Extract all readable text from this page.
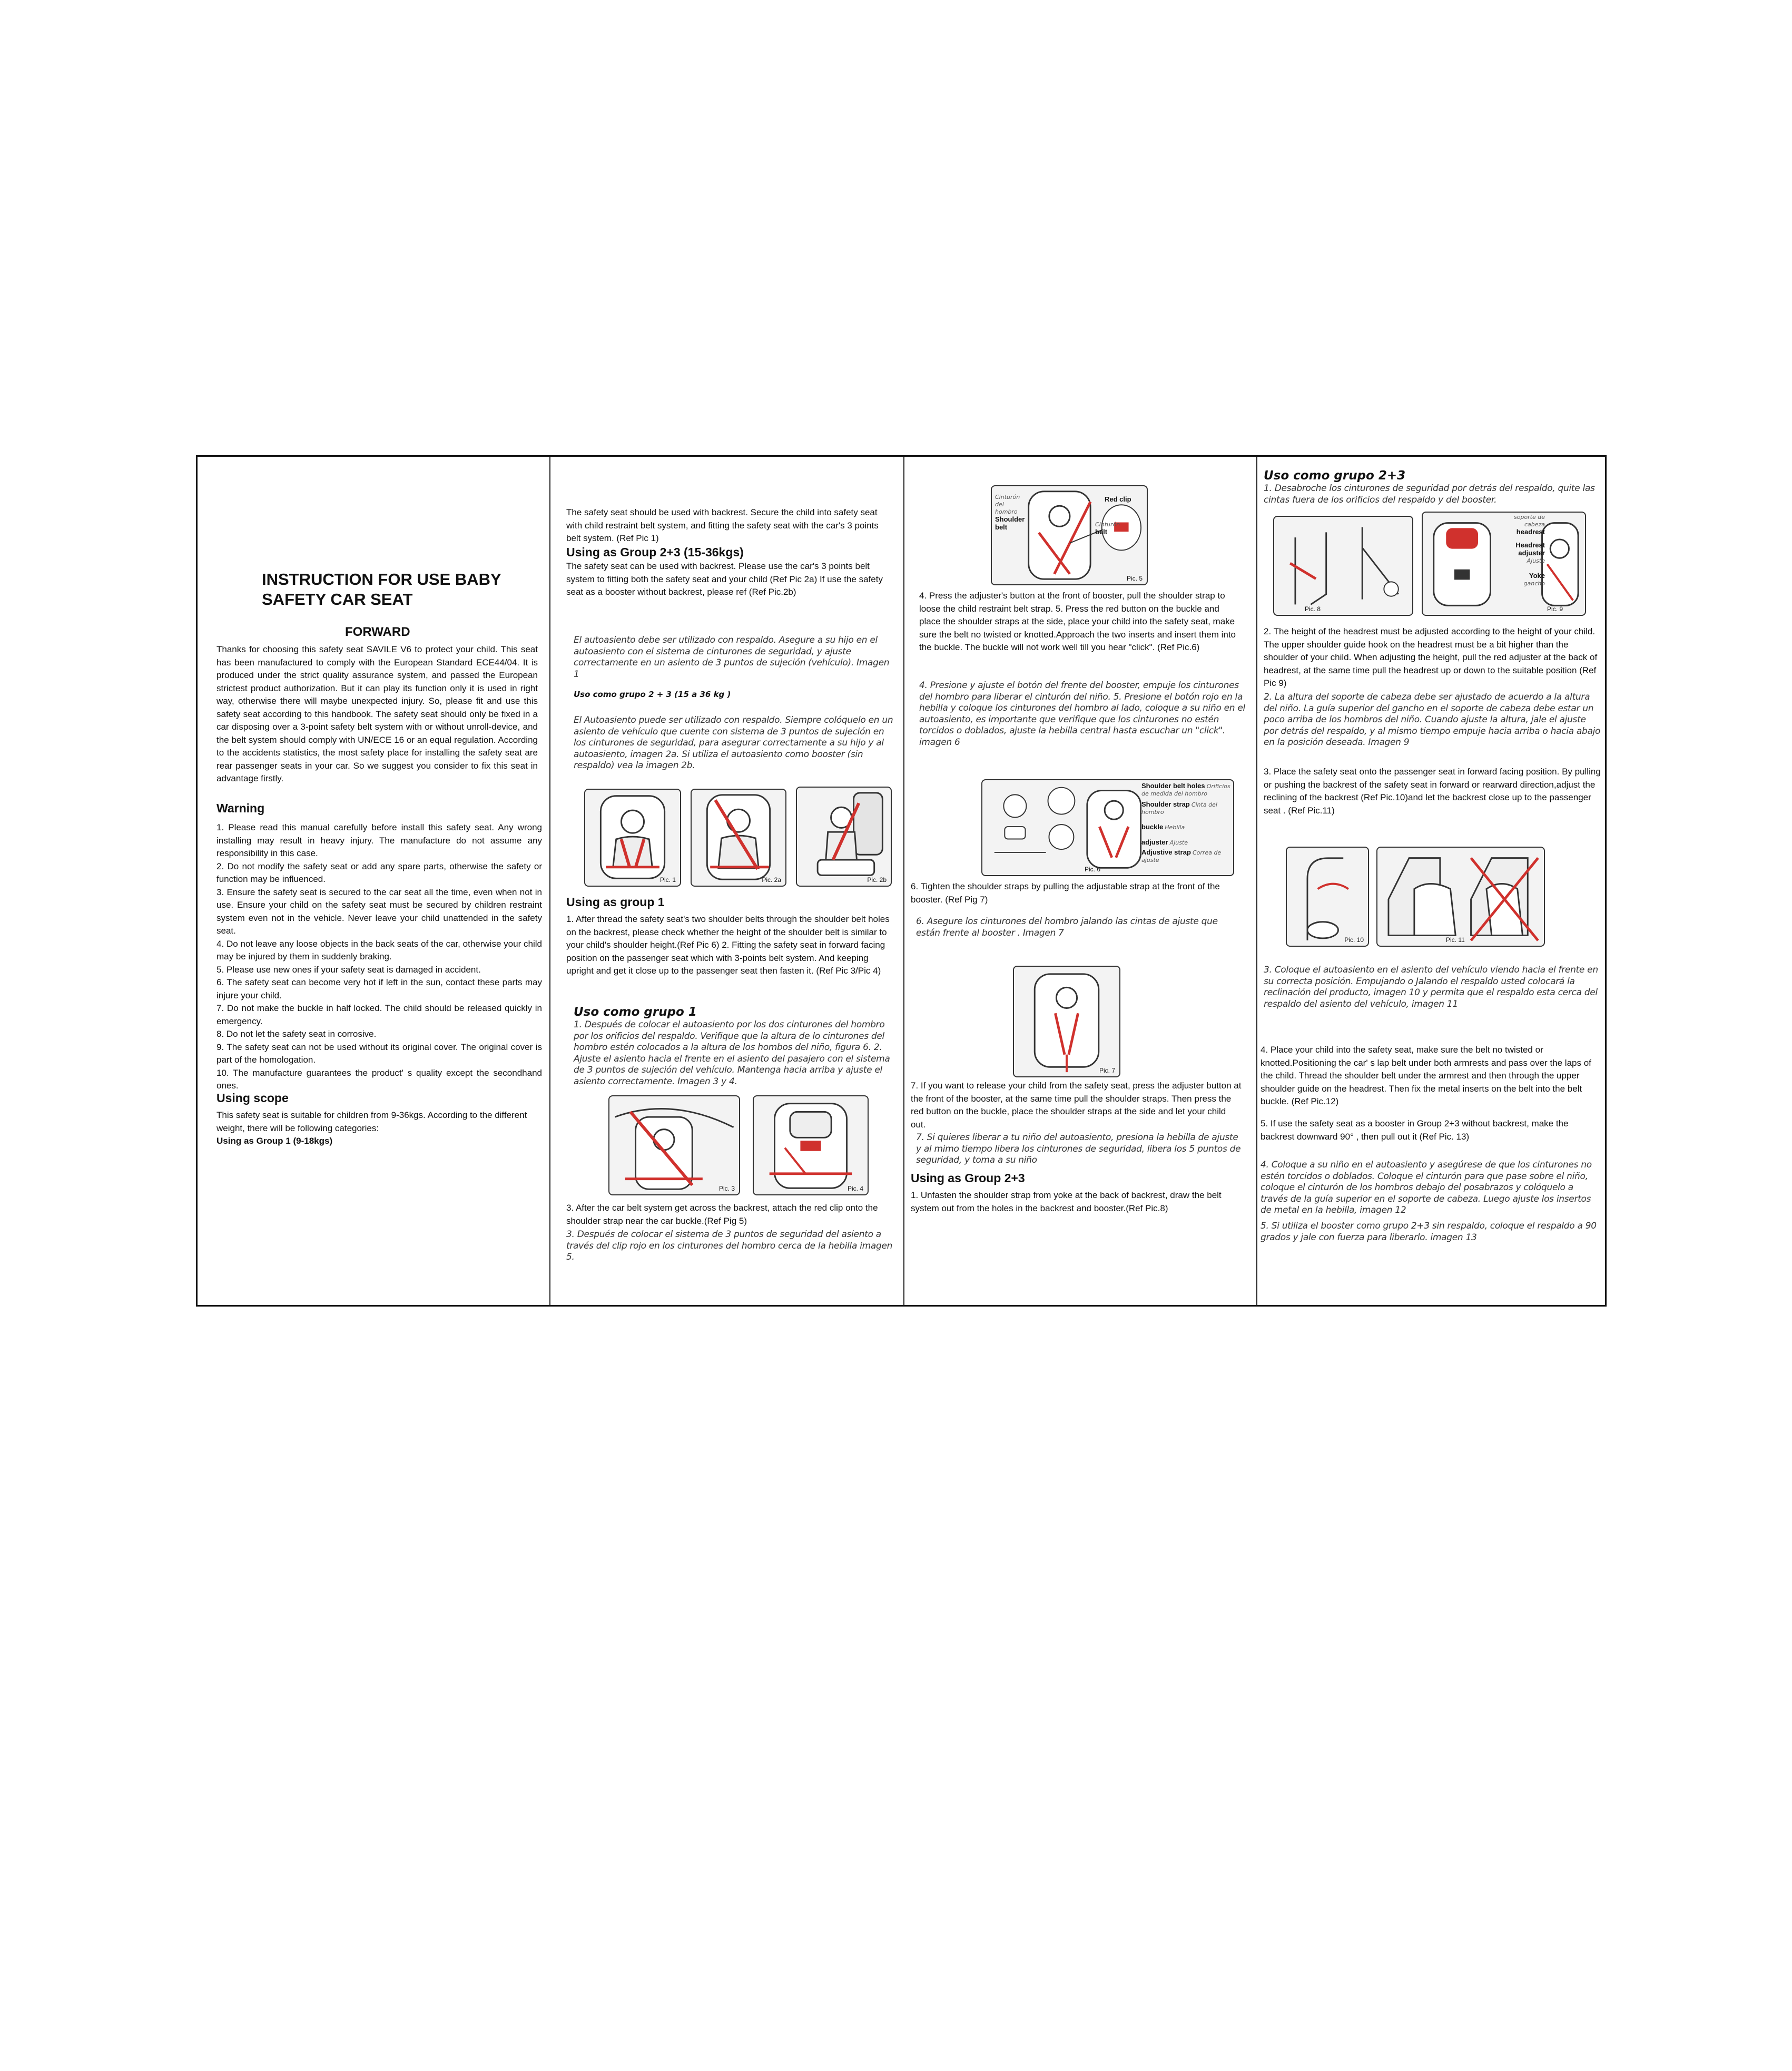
INSTRUCTION FOR USE BABY
SAFETY CAR SEAT
FORWARD

Thanks for choosing this safety seat SAVILE V6 to protect your child. This seat has been manufactured to comply with the European Standard ECE44/04. It is produced under the strict quality assurance system, and passed the European strictest product authorization. But it can play its function only it is used in right way, otherwise there will maybe unexpected injury. So, please fit and use this safety seat according to this handbook. The safety seat should only be fixed in a car disposing over a 3-point safety belt system with or without unroll-device, and the belt system should comply with UN/ECE 16 or an equal regulation. According to the accidents statistics, the most safety place for installing the safety seat are rear passenger seats in your car. So we suggest you consider to fix this seat in advantage firstly.

Warning

1. Please read this manual carefully before install this safety seat. Any wrong installing may result in heavy injury. The manufacture do not assume any responsibility in this case.

2. Do not modify the safety seat or add any spare parts, otherwise the safety or function may be influenced.

3. Ensure the safety seat is secured to the car seat all the time, even when not in use. Ensure your child on the safety seat must be secured by children restraint system even not in the vehicle. Never leave your child unattended in the safety seat.

4. Do not leave any loose objects in the back seats of the car, otherwise your child may be injured by them in suddenly braking.

5. Please use new ones if your safety seat is damaged in accident.

6. The safety seat can become very hot if left in the sun, contact these parts may injure your child.

7. Do not make the buckle in half locked. The child should be released quickly in emergency.

8. Do not let the safety seat in corrosive.

9. The safety seat can not be used without its original cover. The original cover is part of the homologation.

10. The manufacture guarantees the product' s quality except the secondhand ones.

Using scope

This safety seat is suitable for children from 9-36kgs. According to the different weight, there will be following categories:

Using as Group 1 (9-18kgs)

The safety seat should be used with backrest. Secure the child into safety seat with child restraint belt system, and fitting the safety seat with the car's 3 points belt system. (Ref Pic 1)

Using as Group 2+3 (15-36kgs)

The safety seat can be used with backrest. Please use the car's 3 points belt system to fitting both the safety seat and your child (Ref Pic 2a) If use the safety seat as a booster without backrest, please ref (Ref Pic.2b)

El autoasiento debe ser utilizado con respaldo. Asegure a su hijo en el autoasiento con el sistema de cinturones de seguridad, y ajuste correctamente en un asiento de 3 puntos de sujeción (vehículo). Imagen 1

Uso como grupo 2 + 3 (15 a 36 kg )

El Autoasiento puede ser utilizado con respaldo. Siempre colóquelo en un asiento de vehículo que cuente con sistema de 3 puntos de sujeción en los cinturones de seguridad, para asegurar correctamente a su hijo y al autoasiento, imagen 2a. Si utiliza el autoasiento como booster (sin respaldo) vea la imagen 2b.

Pic. 1	Pic. 2a	Pic. 2b
Using as group 1

1. After thread the safety seat's two shoulder belts through the shoulder belt holes on the backrest, please check whether the height of the shoulder belt is similar to your child's shoulder height.(Ref Pic 6) 2. Fitting the safety seat in forward facing position on the passenger seat which with 3-points belt system. And keeping upright and get it close up to the passenger seat then fasten it. (Ref Pic 3/Pic 4)

Uso como grupo 1

1. Después de colocar el autoasiento por los dos cinturones del hombro por los orificios del respaldo. Verifique que la altura de lo cinturones del hombro estén colocados a la altura de los hombos del niño, figura 6. 2. Ajuste el asiento hacia el frente en el asiento del pasajero con el sistema de 3 puntos de sujeción del vehículo. Mantenga hacia arriba y ajuste el asiento correctamente. Imagen 3 y 4.

Pic. 3	Pic. 4

3. After the car belt system get across the backrest, attach the red clip onto the shoulder strap near the car buckle.(Ref Pig 5)

3. Después de colocar el sistema de 3 puntos de seguridad del asiento a través del clip rojo en los cinturones del hombro cerca de la hebilla imagen 5.

Cinturón del hombro
Shoulder belt
Red clip
Cinturón
belt
Pic. 5

4. Press the adjuster's button at the front of booster, pull the shoulder strap to loose the child restraint belt strap. 5. Press the red button on the buckle and place the shoulder straps at the side, place your child into the safety seat, make sure the belt no twisted or knotted.Approach the two inserts and insert them into the buckle. The buckle will not work well till you hear "click". (Ref Pic.6)

4. Presione y ajuste el botón del frente del booster, empuje los cinturones del hombro para liberar el cinturón del niño. 5. Presione el botón rojo en la hebilla y coloque los cinturones del hombro al lado, coloque a su niño en el autoasiento, es importante que verifique que los cinturones no estén torcidos o doblados, ajuste la hebilla central hasta escuchar un "click". imagen 6

Shoulder belt holes Orificios de medida del hombro
Shoulder strap Cinta del hombro
buckle Hebilla
adjuster Ajuste
Adjustive strap Correa de ajuste
Pic. 6

6. Tighten the shoulder straps by pulling the adjustable strap at the front of the booster. (Ref Pig 7)

6. Asegure los cinturones del hombro jalando las cintas de ajuste que están frente al booster . Imagen 7

Pic. 7

7. If you want to release your child from the safety seat, press the adjuster button at the front of the booster, at the same time pull the shoulder straps. Then press the red button on the buckle, place the shoulder straps at the side and let your child out.

7. Si quieres liberar a tu niño del autoasiento, presiona la hebilla de ajuste y al mimo tiempo libera los cinturones de seguridad, libera los 5 puntos de seguridad, y toma a su niño

Using as Group 2+3

1. Unfasten the shoulder strap from yoke at the back of backrest, draw the belt system out from the holes in the backrest and booster.(Ref Pic.8)

Uso como grupo 2+3

1. Desabroche los cinturones de seguridad por detrás del respaldo, quite las cintas fuera de los orificios del respaldo y del booster.

Pic. 8
soporte de cabeza
headrest
Headrest adjuster
Ajuste
Yoke
gancho
Pic. 9

2. The height of the headrest must be adjusted according to the height of your child. The upper shoulder guide hook on the headrest must be a bit higher than the shoulder of your child. When adjusting the height, pull the red adjuster at the back of headrest, at the same time pull the headrest up or down to the suitable position (Ref Pic 9)

2. La altura del soporte de cabeza debe ser ajustado de acuerdo a la altura del niño. La guía superior del gancho en el soporte de cabeza debe estar un poco arriba de los hombros del niño. Cuando ajuste la altura, jale el ajuste por detrás del respaldo, y al mismo tiempo empuje hacia arriba o hacia abajo en la posición deseada. Imagen 9

3. Place the safety seat onto the passenger seat in forward facing position. By pulling or pushing the backrest of the safety seat in forward or rearward direction,adjust the reclining of the backrest (Ref Pic.10)and let the backrest close up to the passenger seat . (Ref Pic.11)

Pic. 10	Pic. 11

3. Coloque el autoasiento en el asiento del vehículo viendo hacia el frente en su correcta posición. Empujando o Jalando el respaldo usted colocará la reclinación del producto, imagen 10 y permita que el respaldo esta cerca del respaldo del asiento del vehículo, imagen 11

4. Place your child into the safety seat, make sure the belt no twisted or knotted.Positioning the car' s lap belt under both armrests and pass over the laps of the child. Thread the shoulder belt under the armrest and then through the upper shoulder guide on the headrest. Then fix the metal inserts on the belt into the belt buckle. (Ref Pic.12)

5. If use the safety seat as a booster in Group 2+3 without backrest, make the backrest downward 90° , then pull out it (Ref Pic. 13)

4. Coloque a su niño en el autoasiento y asegúrese de que los cinturones no estén torcidos o doblados. Coloque el cinturón para que pase sobre el niño, coloque el cinturón de los hombros debajo del posabrazos y colóquelo a través de la guía superior en el soporte de cabeza. Luego ajuste los insertos de metal en la hebilla, imagen 12

5. Si utiliza el booster como grupo 2+3 sin respaldo, coloque el respaldo a 90 grados y jale con fuerza para liberarlo. imagen 13
